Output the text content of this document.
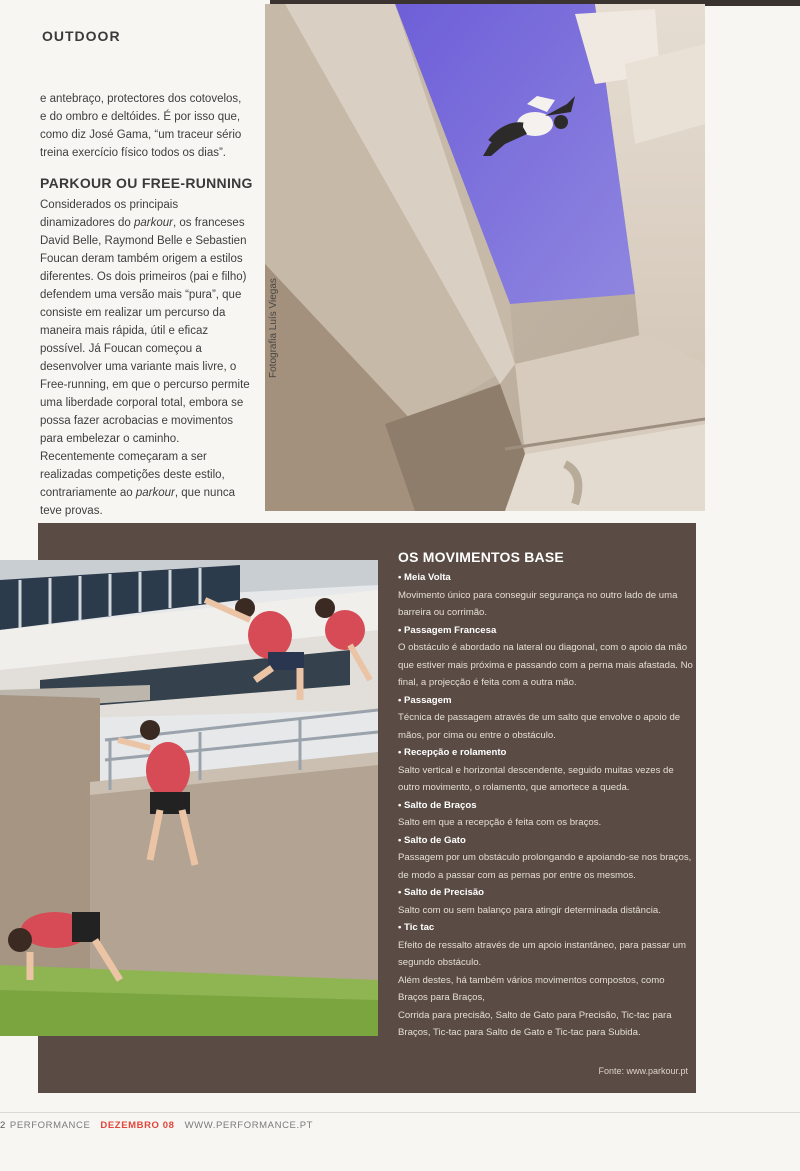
OUTDOOR
e antebraço, protectores dos cotovelos, e do ombro e deltóides. É por isso que, como diz José Gama, “um traceur sério treina exercício físico todos os dias”.
PARKOUR OU FREE-RUNNING
Considerados os principais dinamizadores do parkour, os franceses David Belle, Raymond Belle e Sebastien Foucan deram também origem a estilos diferentes. Os dois primeiros (pai e filho) defendem uma versão mais “pura”, que consiste em realizar um percurso da maneira mais rápida, útil e eficaz possível. Já Foucan começou a desenvolver uma variante mais livre, o Free-running, em que o percurso permite uma liberdade corporal total, embora se possa fazer acrobacias e movimentos para embelezar o caminho. Recentemente começaram a ser realizadas competições deste estilo, contrariamente ao parkour, que nunca teve provas.
Fotografia Luís Viegas
OS MOVIMENTOS BASE
• Meia Volta
Movimento único para conseguir segurança no outro lado de uma barreira ou corrimão.
• Passagem Francesa
O obstáculo é abordado na lateral ou diagonal, com o apoio da mão que estiver mais próxima e passando com a perna mais afastada. No final, a projecção é feita com a outra mão.
• Passagem
Técnica de passagem através de um salto que envolve o apoio de mãos, por cima ou entre o obstáculo.
• Recepção e rolamento
Salto vertical e horizontal descendente, seguido muitas vezes de outro movimento, o rolamento, que amortece a queda.
• Salto de Braços
Salto em que a recepção é feita com os braços.
• Salto de Gato
Passagem por um obstáculo prolongando e apoiando-se nos braços, de modo a passar com as pernas por entre os mesmos.
• Salto de Precisão
Salto com ou sem balanço para atingir determinada distância.
• Tic tac
Efeito de ressalto através de um apoio instantâneo, para passar um segundo obstáculo.
Além destes, há também vários movimentos compostos, como Braços para Braços,
Corrida para precisão, Salto de Gato para Precisão, Tic-tac para Braços, Tic-tac para Salto de Gato e Tic-tac para Subida.
Fonte: www.parkour.pt
2 PERFORMANCE DEZEMBRO 08 WWW.PERFORMANCE.PT
